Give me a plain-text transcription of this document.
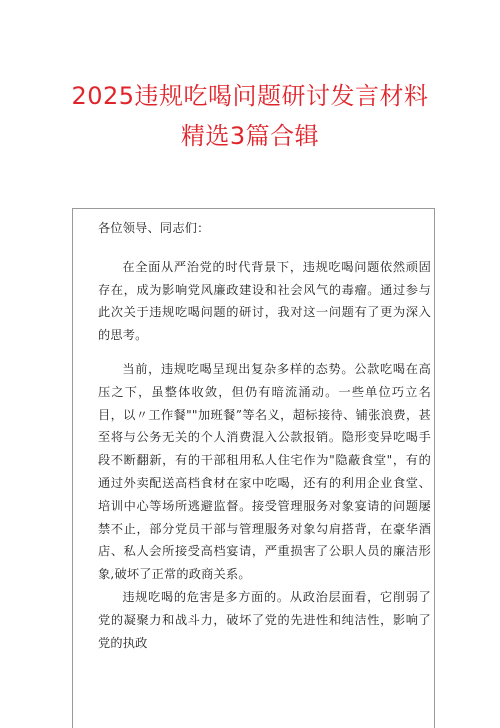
2025违规吃喝问题研讨发言材料
精选3篇合辑

各位领导、同志们：

在全面从严治党的时代背景下，违规吃喝问题依然顽固存在，成为影响党风廉政建设和社会风气的毒瘤。通过参与此次关于违规吃喝问题的研讨，我对这一问题有了更为深入的思考。

当前，违规吃喝呈现出复杂多样的态势。公款吃喝在高压之下，虽整体收敛，但仍有暗流涌动。一些单位巧立名目，以〃工作餐""加班餐”等名义，超标接待、铺张浪费，甚至将与公务无关的个人消费混入公款报销。隐形变异吃喝手段不断翻新，有的干部租用私人住宅作为"隐蔽食堂"，有的通过外卖配送高档食材在家中吃喝，还有的利用企业食堂、培训中心等场所逃避监督。接受管理服务对象宴请的问题屡禁不止，部分党员干部与管理服务对象勾肩搭背，在豪华酒店、私人会所接受高档宴请，严重损害了公职人员的廉洁形象,破坏了正常的政商关系。

违规吃喝的危害是多方面的。从政治层面看，它削弱了党的凝聚力和战斗力，破坏了党的先进性和纯洁性，影响了党的执政
